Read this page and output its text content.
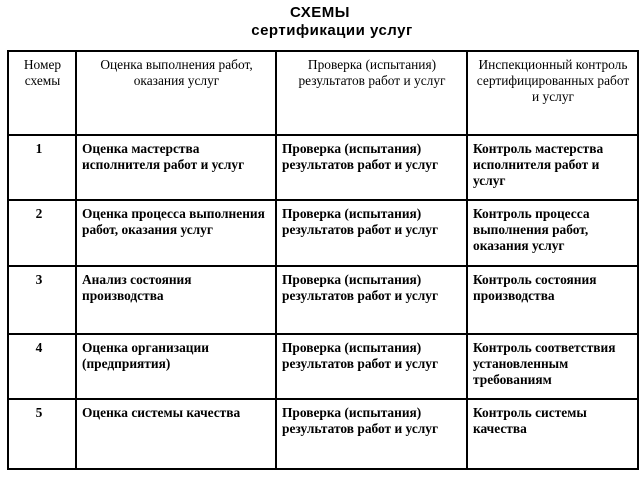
СХЕМЫ
сертификации услуг
Номер схемы	Оценка выполнения работ, оказания услуг	Проверка (испытания) результатов работ и услуг	Инспекционный контроль сертифицированных работ и услуг
1	Оценка мастерства исполнителя работ и услуг	Проверка (испытания) результатов работ и услуг	Контроль мастерства исполнителя работ и услуг
2	Оценка процесса выполнения работ, оказания услуг	Проверка (испытания) результатов работ и услуг	Контроль процесса выполнения работ, оказания услуг
3	Анализ состояния производства	Проверка (испытания) результатов работ и услуг	Контроль состояния производства
4	Оценка организации (предприятия)	Проверка (испытания) результатов работ и услуг	Контроль соответствия установленным требованиям
5	Оценка системы качества	Проверка (испытания) результатов работ и услуг	Контроль системы качества
